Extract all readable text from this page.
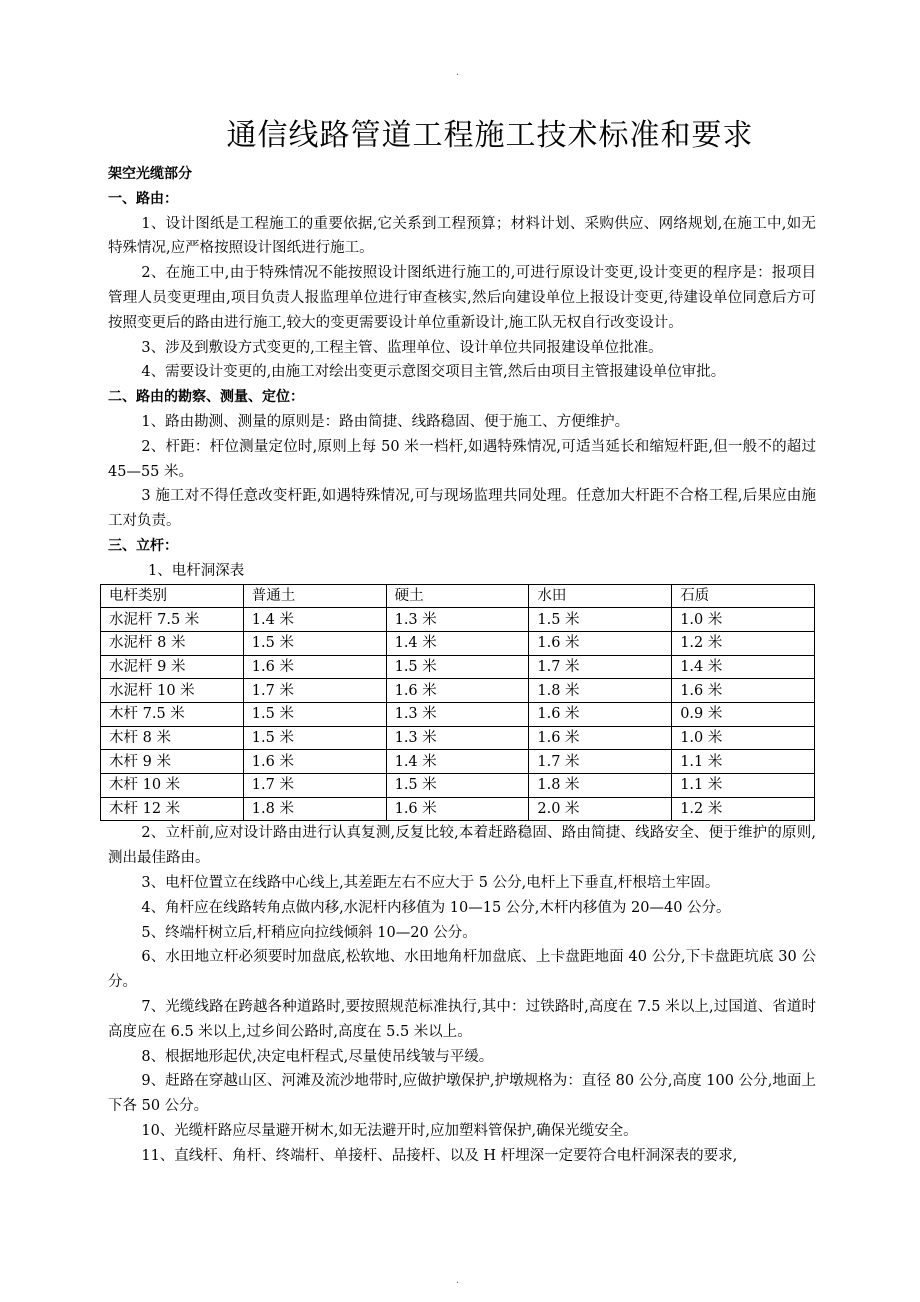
.
通信线路管道工程施工技术标准和要求

架空光缆部分

一、路由：

1、设计图纸是工程施工的重要依据,它关系到工程预算；材料计划、采购供应、网络规划,在施工中,如无特殊情况,应严格按照设计图纸进行施工。

2、在施工中,由于特殊情况不能按照设计图纸进行施工的,可进行原设计变更,设计变更的程序是：报项目管理人员变更理由,项目负责人报监理单位进行审查核实,然后向建设单位上报设计变更,待建设单位同意后方可按照变更后的路由进行施工,较大的变更需要设计单位重新设计,施工队无权自行改变设计。

3、涉及到敷设方式变更的,工程主管、监理单位、设计单位共同报建设单位批准。

4、需要设计变更的,由施工对绘出变更示意图交项目主管,然后由项目主管报建设单位审批。

二、路由的勘察、测量、定位：

1、路由勘测、测量的原则是：路由简捷、线路稳固、便于施工、方便维护。

2、杆距：杆位测量定位时,原则上每 50 米一档杆,如遇特殊情况,可适当延长和缩短杆距,但一般不的超过 45—55 米。

3 施工对不得任意改变杆距,如遇特殊情况,可与现场监理共同处理。任意加大杆距不合格工程,后果应由施工对负责。

三、立杆：

1、电杆洞深表

电杆类别	普通土	硬土	水田	石质
水泥杆 7.5 米	1.4 米	1.3 米	1.5 米	1.0 米
水泥杆 8 米	1.5 米	1.4 米	1.6 米	1.2 米
水泥杆 9 米	1.6 米	1.5 米	1.7 米	1.4 米
水泥杆 10 米	1.7 米	1.6 米	1.8 米	1.6 米
木杆 7.5 米	1.5 米	1.3 米	1.6 米	0.9 米
木杆 8 米	1.5 米	1.3 米	1.6 米	1.0 米
木杆 9 米	1.6 米	1.4 米	1.7 米	1.1 米
木杆 10 米	1.7 米	1.5 米	1.8 米	1.1 米
木杆 12 米	1.8 米	1.6 米	2.0 米	1.2 米

2、立杆前,应对设计路由进行认真复测,反复比较,本着赶路稳固、路由简捷、线路安全、便于维护的原则,测出最佳路由。

3、电杆位置立在线路中心线上,其差距左右不应大于 5 公分,电杆上下垂直,杆根培土牢固。

4、角杆应在线路转角点做内移,水泥杆内移值为 10—15 公分,木杆内移值为 20—40 公分。

5、终端杆树立后,杆稍应向拉线倾斜 10—20 公分。

6、水田地立杆必须要时加盘底,松软地、水田地角杆加盘底、上卡盘距地面 40 公分,下卡盘距坑底 30 公分。

7、光缆线路在跨越各种道路时,要按照规范标准执行,其中：过铁路时,高度在 7.5 米以上,过国道、省道时高度应在 6.5 米以上,过乡间公路时,高度在 5.5 米以上。

8、根据地形起伏,决定电杆程式,尽量使吊线皱与平缓。

9、赶路在穿越山区、河滩及流沙地带时,应做护墩保护,护墩规格为：直径 80 公分,高度 100 公分,地面上下各 50 公分。

10、光缆杆路应尽量避开树木,如无法避开时,应加塑料管保护,确保光缆安全。

11、直线杆、角杆、终端杆、单接杆、品接杆、以及 H 杆埋深一定要符合电杆洞深表的要求,

.
